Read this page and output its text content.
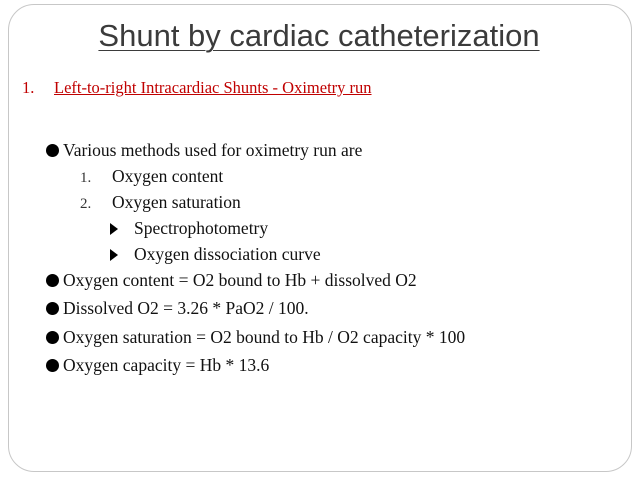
Shunt by cardiac catheterization
1. Left-to-right Intracardiac Shunts - Oximetry run
Various methods used for oximetry run are
1. Oxygen content
2. Oxygen saturation
Spectrophotometry
Oxygen dissociation curve
Oxygen content = O2 bound to Hb + dissolved O2
Dissolved O2 = 3.26 * PaO2 / 100.
Oxygen saturation = O2 bound to Hb / O2 capacity * 100
Oxygen capacity = Hb * 13.6
